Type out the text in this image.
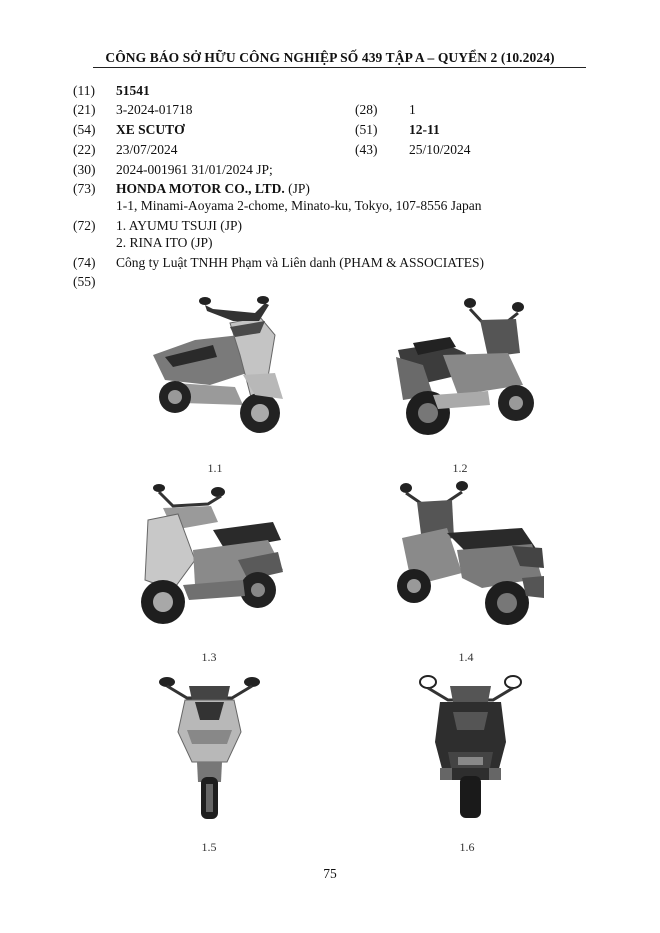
CÔNG BÁO SỞ HỮU CÔNG NGHIỆP SỐ 439 TẬP A – QUYỂN 2 (10.2024)
(11) 51541
(21) 3-2024-01718	(28) 1
(54) XE SCUTƠ	(51) 12-11
(22) 23/07/2024	(43) 25/10/2024
(30) 2024-001961 31/01/2024 JP;
(73) HONDA MOTOR CO., LTD. (JP)
1-1, Minami-Aoyama 2-chome, Minato-ku, Tokyo, 107-8556 Japan
(72) 1. AYUMU TSUJI (JP)
2. RINA ITO (JP)
(74) Công ty Luật TNHH Phạm và Liên danh (PHAM & ASSOCIATES)
(55)
1.1	1.2
1.3	1.4
1.5	1.6
75
